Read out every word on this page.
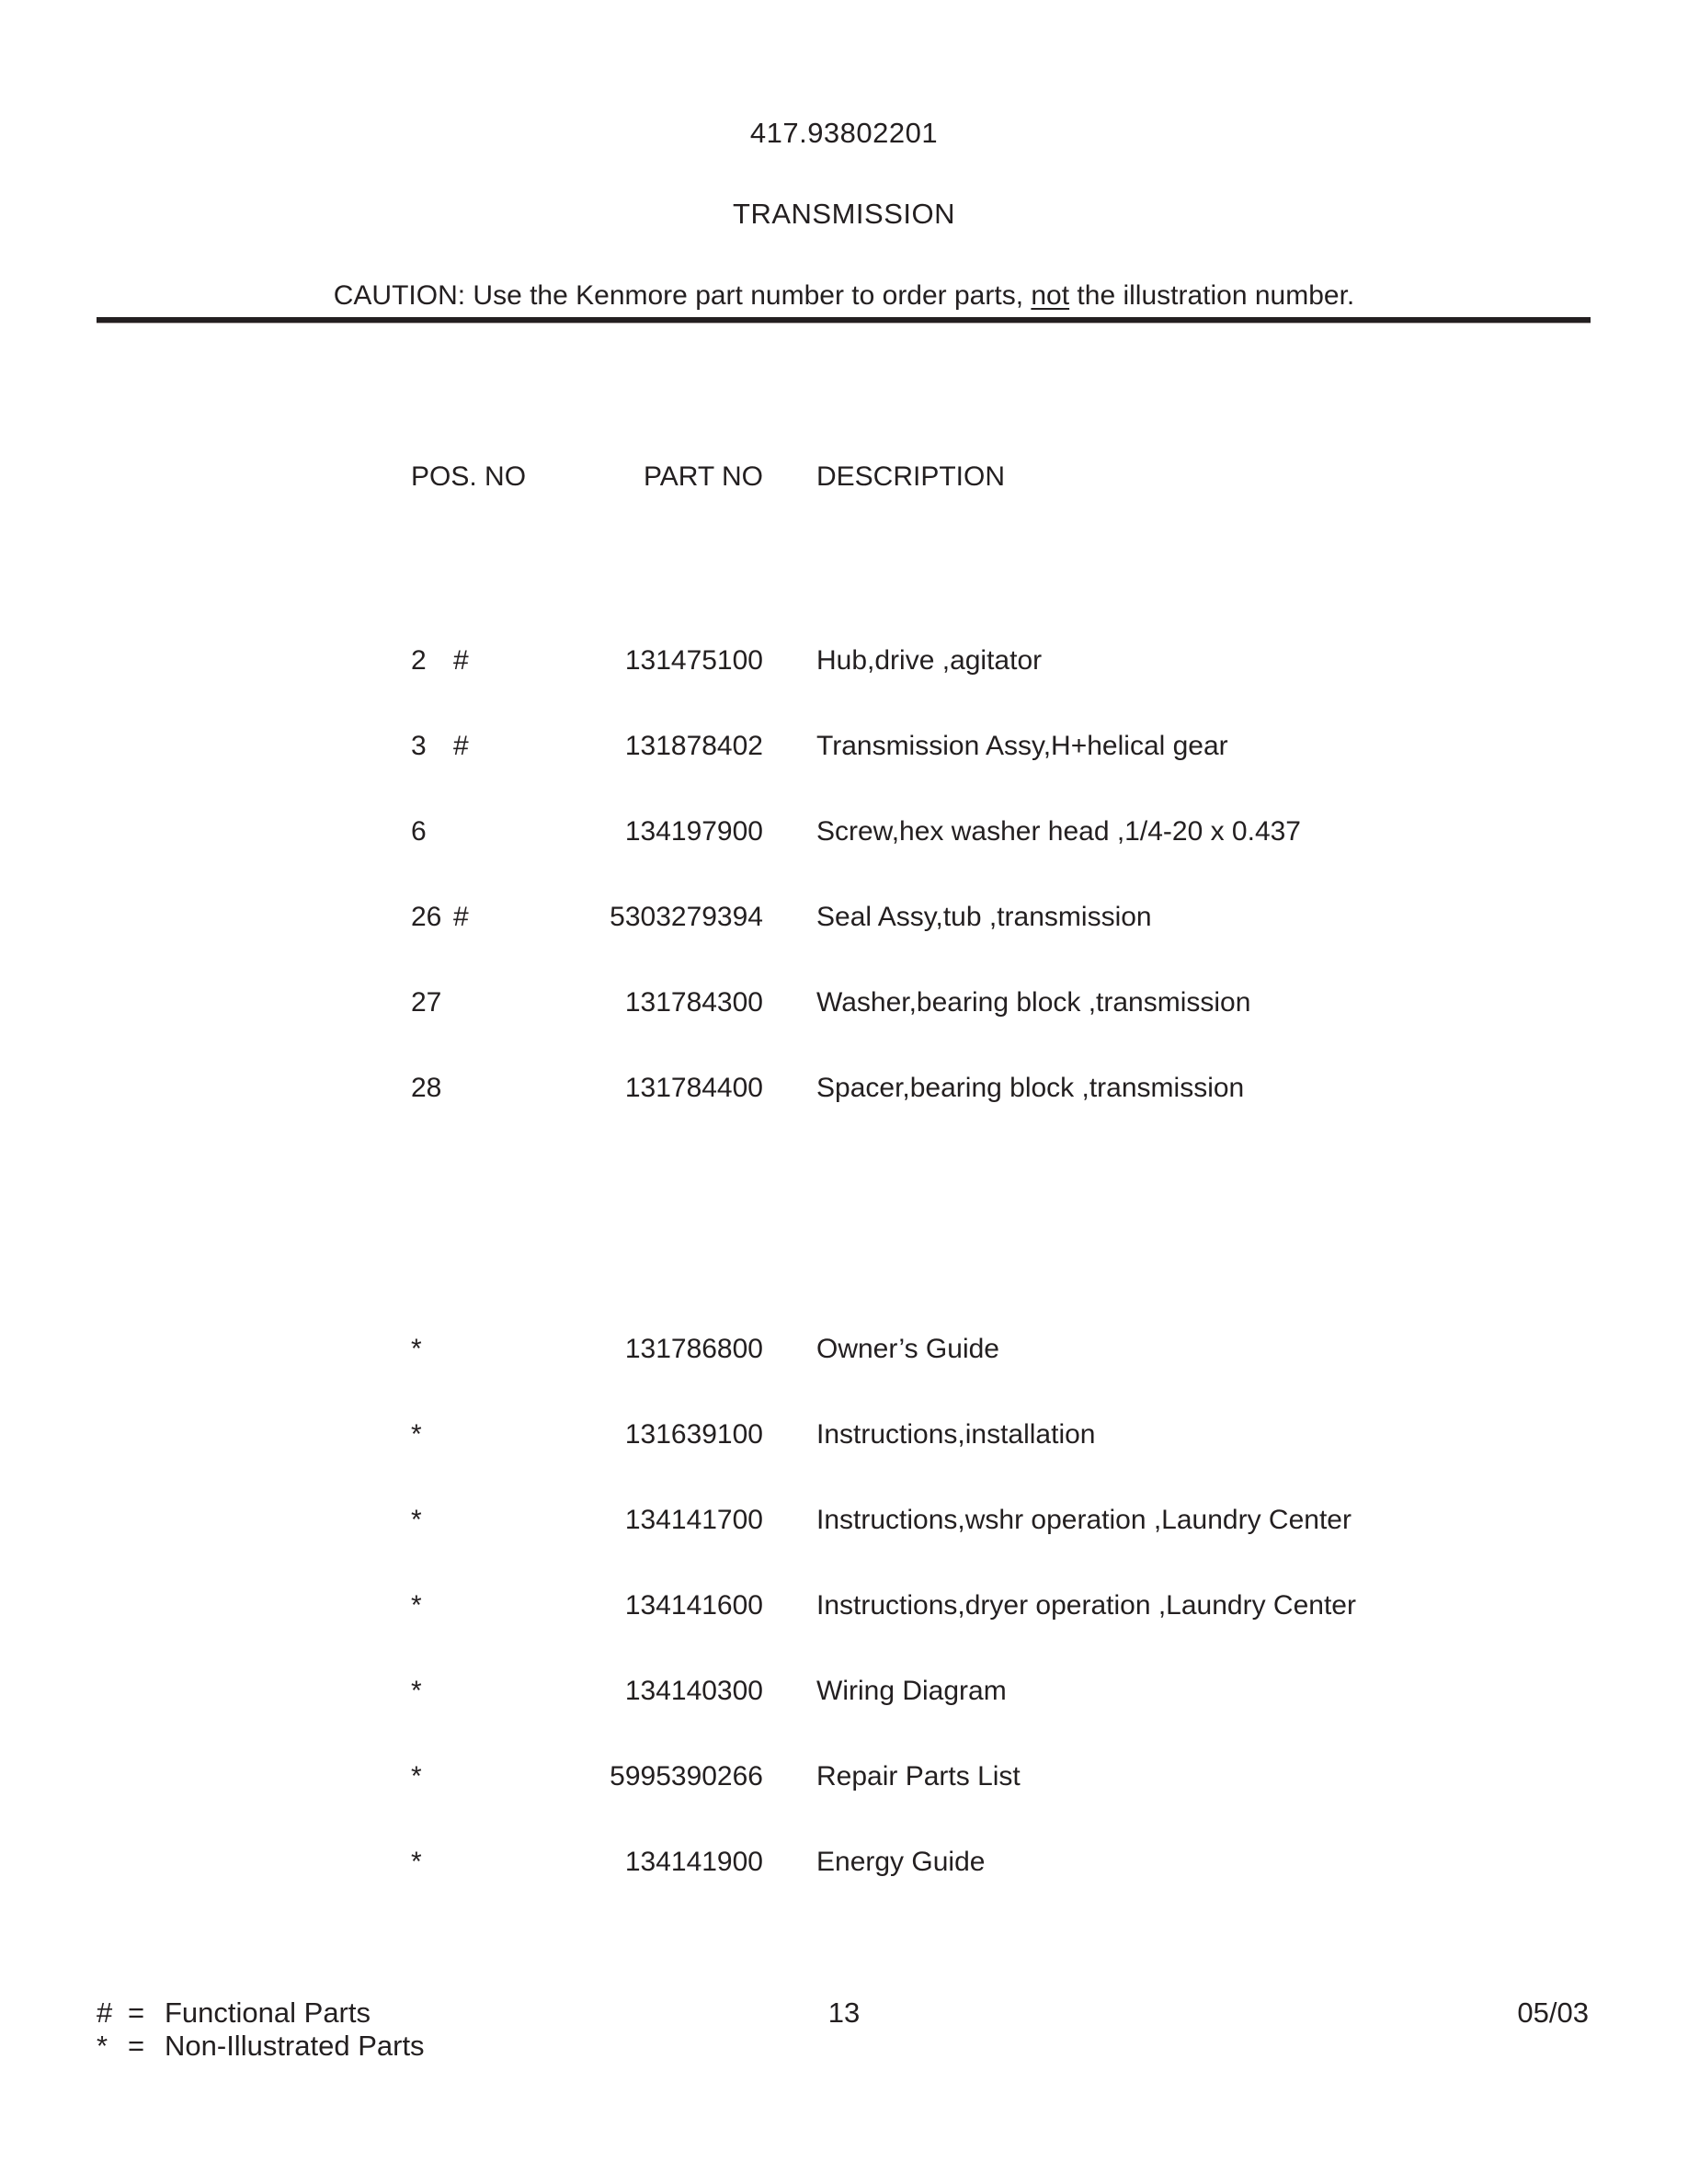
417.93802201
TRANSMISSION
CAUTION: Use the Kenmore part number to order parts, not the illustration number.

POS. NO	PART NO DESCRIPTION

2 #	131475100 Hub,drive ,agitator

3 #	131878402 Transmission Assy,H+helical gear

6	134197900 Screw,hex washer head ,1/4-20 x 0.437

26 #	5303279394 Seal Assy,tub ,transmission

27	131784300 Washer,bearing block ,transmission

28	131784400 Spacer,bearing block ,transmission

*	131786800 Owner’s Guide

*	131639100 Instructions,installation

*	134141700 Instructions,wshr operation ,Laundry Center

*	134141600 Instructions,dryer operation ,Laundry Center

*	134140300 Wiring Diagram

*	5995390266 Repair Parts List

*	134141900 Energy Guide

# = Functional Parts
* = Non-Illustrated Parts
13	05/03
